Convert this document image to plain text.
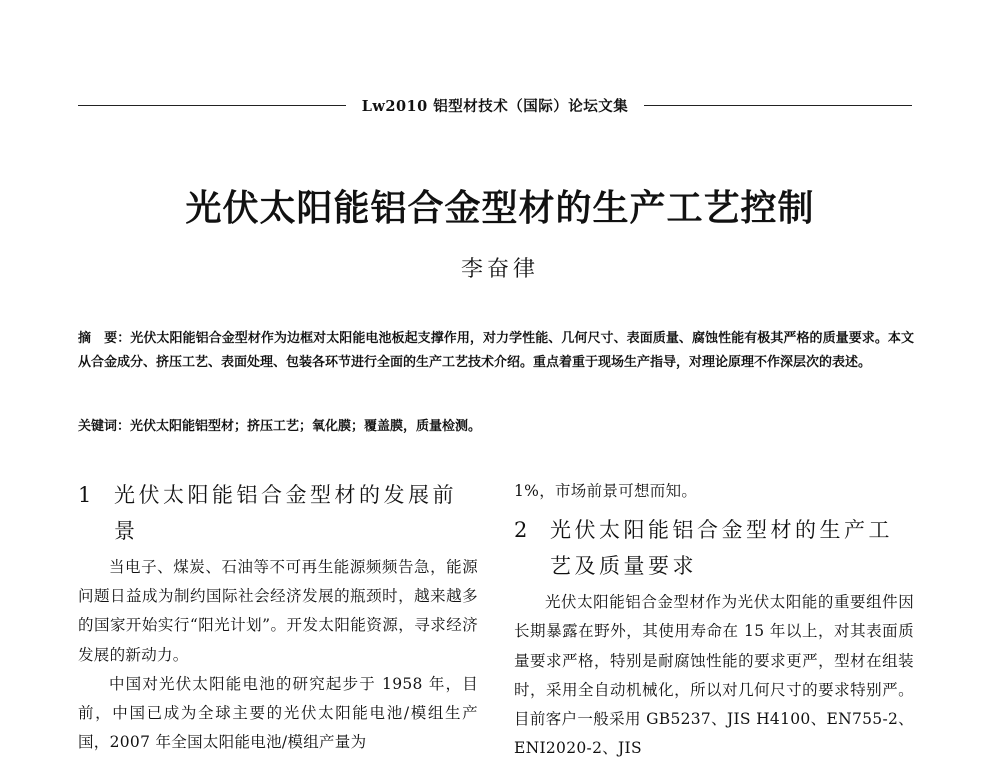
Lw2010 铝型材技术（国际）论坛文集
光伏太阳能铝合金型材的生产工艺控制
李奋律
摘　要：光伏太阳能铝合金型材作为边框对太阳能电池板起支撑作用，对力学性能、几何尺寸、表面质量、腐蚀性能有极其严格的质量要求。本文从合金成分、挤压工艺、表面处理、包装各环节进行全面的生产工艺技术介绍。重点着重于现场生产指导，对理论原理不作深层次的表述。
关键词：光伏太阳能铝型材；挤压工艺；氧化膜；覆盖膜，质量检测。
1	光伏太阳能铝合金型材的发展前景

当电子、煤炭、石油等不可再生能源频频告急，能源问题日益成为制约国际社会经济发展的瓶颈时，越来越多的国家开始实行“阳光计划”。开发太阳能资源，寻求经济发展的新动力。

中国对光伏太阳能电池的研究起步于 1958 年，目前，中国已成为全球主要的光伏太阳能电池/模组生产国，2007 年全国太阳能电池/模组产量为

1%，市场前景可想而知。

2	光伏太阳能铝合金型材的生产工艺及质量要求

光伏太阳能铝合金型材作为光伏太阳能的重要组件因长期暴露在野外，其使用寿命在 15 年以上，对其表面质量要求严格，特别是耐腐蚀性能的要求更严，型材在组装时，采用全自动机械化，所以对几何尺寸的要求特别严。目前客户一般采用 GB5237、JIS H4100、EN755-2、ENI2020-2、JIS
